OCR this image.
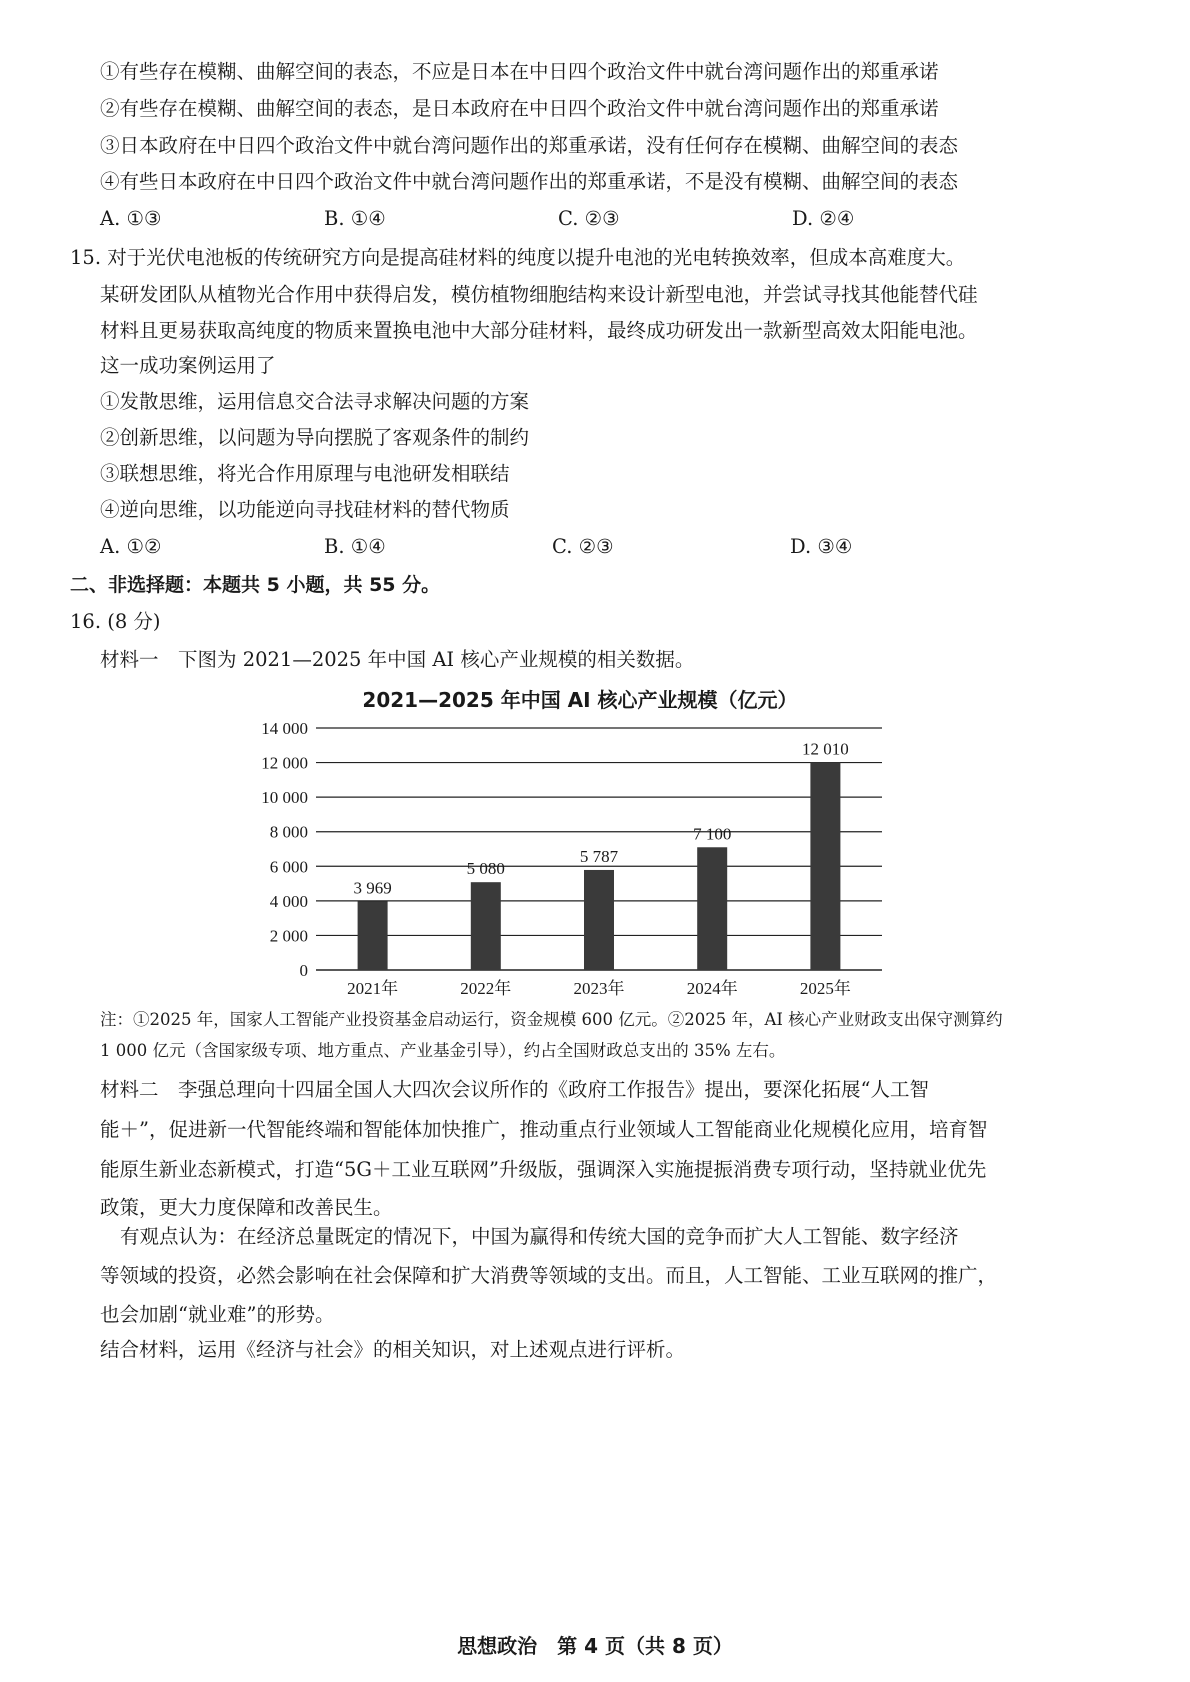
①有些存在模糊、曲解空间的表态，不应是日本在中日四个政治文件中就台湾问题作出的郑重承诺
②有些存在模糊、曲解空间的表态，是日本政府在中日四个政治文件中就台湾问题作出的郑重承诺
③日本政府在中日四个政治文件中就台湾问题作出的郑重承诺，没有任何存在模糊、曲解空间的表态
④有些日本政府在中日四个政治文件中就台湾问题作出的郑重承诺，不是没有模糊、曲解空间的表态
A. ①③	B. ①④	C. ②③	D. ②④
15. 对于光伏电池板的传统研究方向是提高硅材料的纯度以提升电池的光电转换效率，但成本高难度大。
某研发团队从植物光合作用中获得启发，模仿植物细胞结构来设计新型电池，并尝试寻找其他能替代硅
材料且更易获取高纯度的物质来置换电池中大部分硅材料，最终成功研发出一款新型高效太阳能电池。
这一成功案例运用了
①发散思维，运用信息交合法寻求解决问题的方案
②创新思维，以问题为导向摆脱了客观条件的制约
③联想思维，将光合作用原理与电池研发相联结
④逆向思维，以功能逆向寻找硅材料的替代物质
A. ①②	B. ①④	C. ②③	D. ③④
二、非选择题：本题共 5 小题，共 55 分。
16. (8 分)
材料一　下图为 2021—2025 年中国 AI 核心产业规模的相关数据。
2021—2025 年中国 AI 核心产业规模（亿元）
0
2 000
4 000
6 000
8 000
10 000
12 000
14 000
3 969
2021年
5 080
2022年
5 787
2023年
7 100
2024年
12 010
2025年
注：①2025 年，国家人工智能产业投资基金启动运行，资金规模 600 亿元。②2025 年，AI 核心产业财政支出保守测算约
1 000 亿元（含国家级专项、地方重点、产业基金引导），约占全国财政总支出的 35% 左右。
材料二　李强总理向十四届全国人大四次会议所作的《政府工作报告》提出，要深化拓展“人工智
能＋”，促进新一代智能终端和智能体加快推广，推动重点行业领域人工智能商业化规模化应用，培育智
能原生新业态新模式，打造“5G＋工业互联网”升级版，强调深入实施提振消费专项行动，坚持就业优先
政策，更大力度保障和改善民生。
有观点认为：在经济总量既定的情况下，中国为赢得和传统大国的竞争而扩大人工智能、数字经济
等领域的投资，必然会影响在社会保障和扩大消费等领域的支出。而且，人工智能、工业互联网的推广，
也会加剧“就业难”的形势。
结合材料，运用《经济与社会》的相关知识，对上述观点进行评析。
思想政治　第 4 页（共 8 页）
